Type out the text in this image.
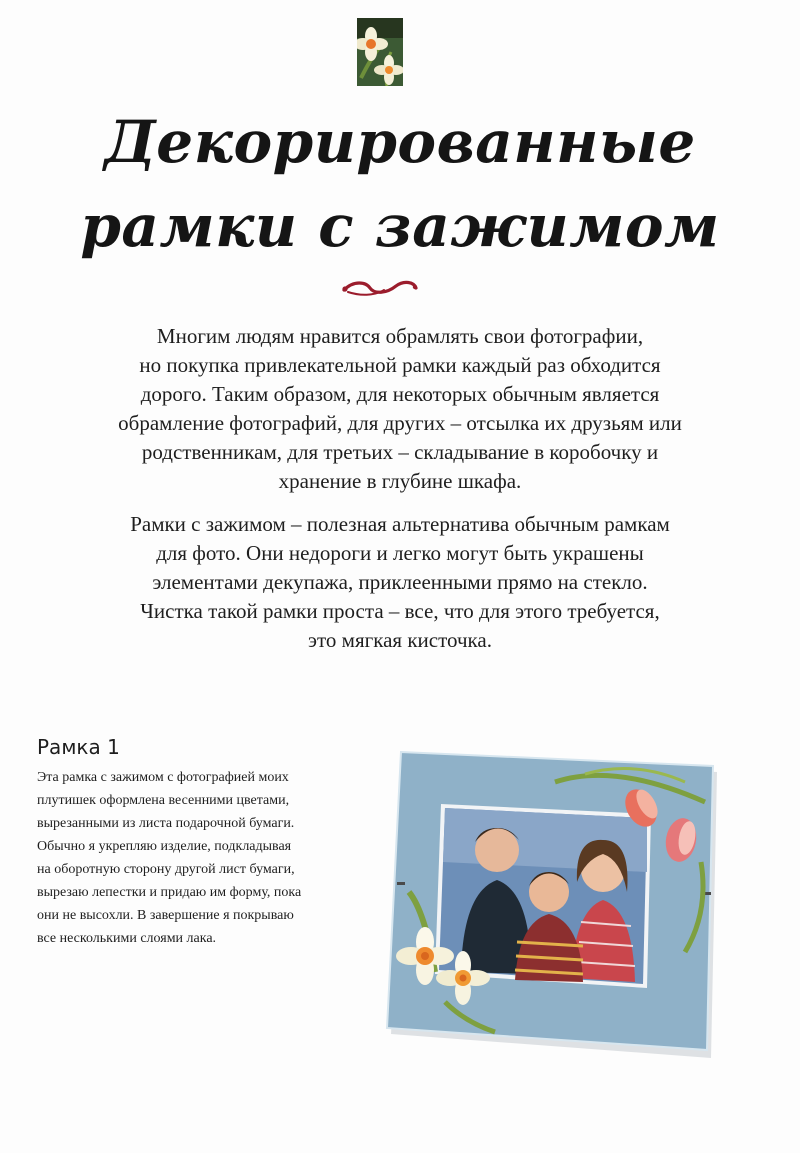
Декорированные
рамки с зажимом

Многим людям нравится обрамлять свои фотографии,
но покупка привлекательной рамки каждый раз обходится
дорого. Таким образом, для некоторых обычным является
обрамление фотографий, для других – отсылка их друзьям или
родственникам, для третьих – складывание в коробочку и
хранение в глубине шкафа.

Рамки с зажимом – полезная альтернатива обычным рамкам
для фото. Они недороги и легко могут быть украшены
элементами декупажа, приклеенными прямо на стекло.
Чистка такой рамки проста – все, что для этого требуется,
это мягкая кисточка.

Рамка 1
Эта рамка с зажимом с фотографией моих
плутишек оформлена весенними цветами,
вырезанными из листа подарочной бумаги.
Обычно я укрепляю изделие, подкладывая
на оборотную сторону другой лист бумаги,
вырезаю лепестки и придаю им форму, пока
они не высохли. В завершение я покрываю
все несколькими слоями лака.
